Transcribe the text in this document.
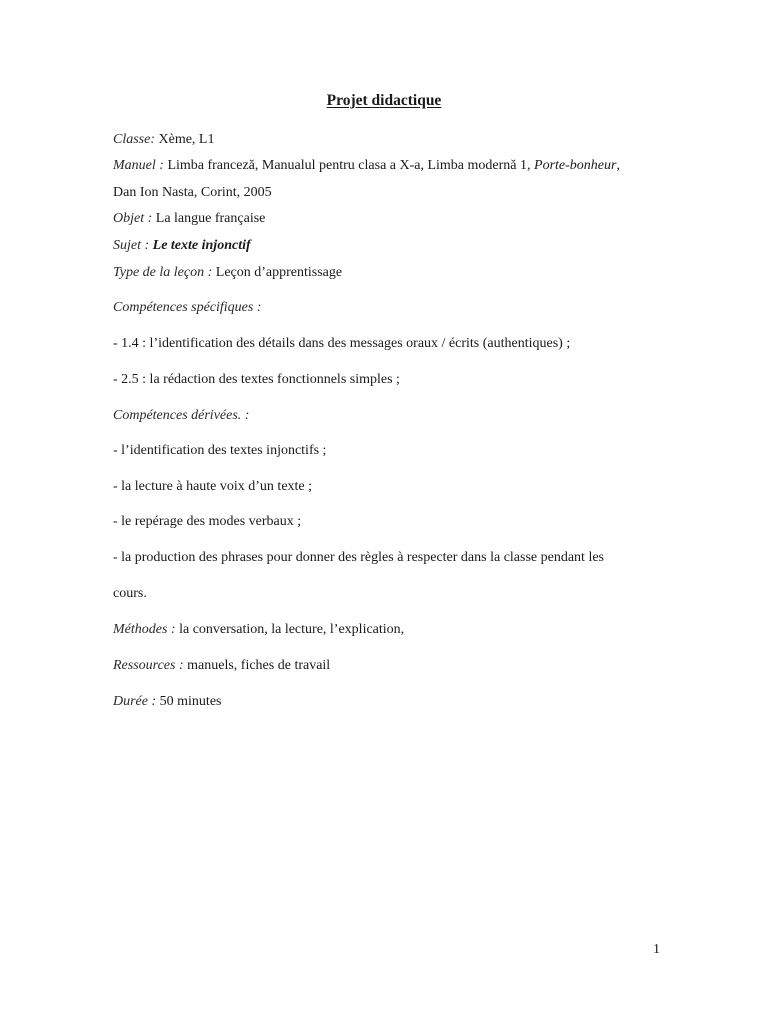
Projet didactique
Classe: Xème, L1
Manuel : Limba franceză, Manualul pentru clasa a X-a, Limba modernă 1, Porte-bonheur,
Dan Ion Nasta, Corint, 2005
Objet : La langue française
Sujet : Le texte injonctif
Type de la leçon : Leçon d’apprentissage
Compétences spécifiques :
- 1.4 : l’identification des détails dans des messages oraux / écrits (authentiques) ;
- 2.5 : la rédaction des textes fonctionnels simples ;
Compétences dérivées. :
- l’identification des textes injonctifs ;
- la lecture à haute voix d’un texte ;
- le repérage des modes verbaux ;
- la production des phrases pour donner des règles à respecter dans la classe pendant les
cours.
Méthodes : la conversation, la lecture, l’explication,
Ressources : manuels, fiches de travail
Durée : 50 minutes
1
